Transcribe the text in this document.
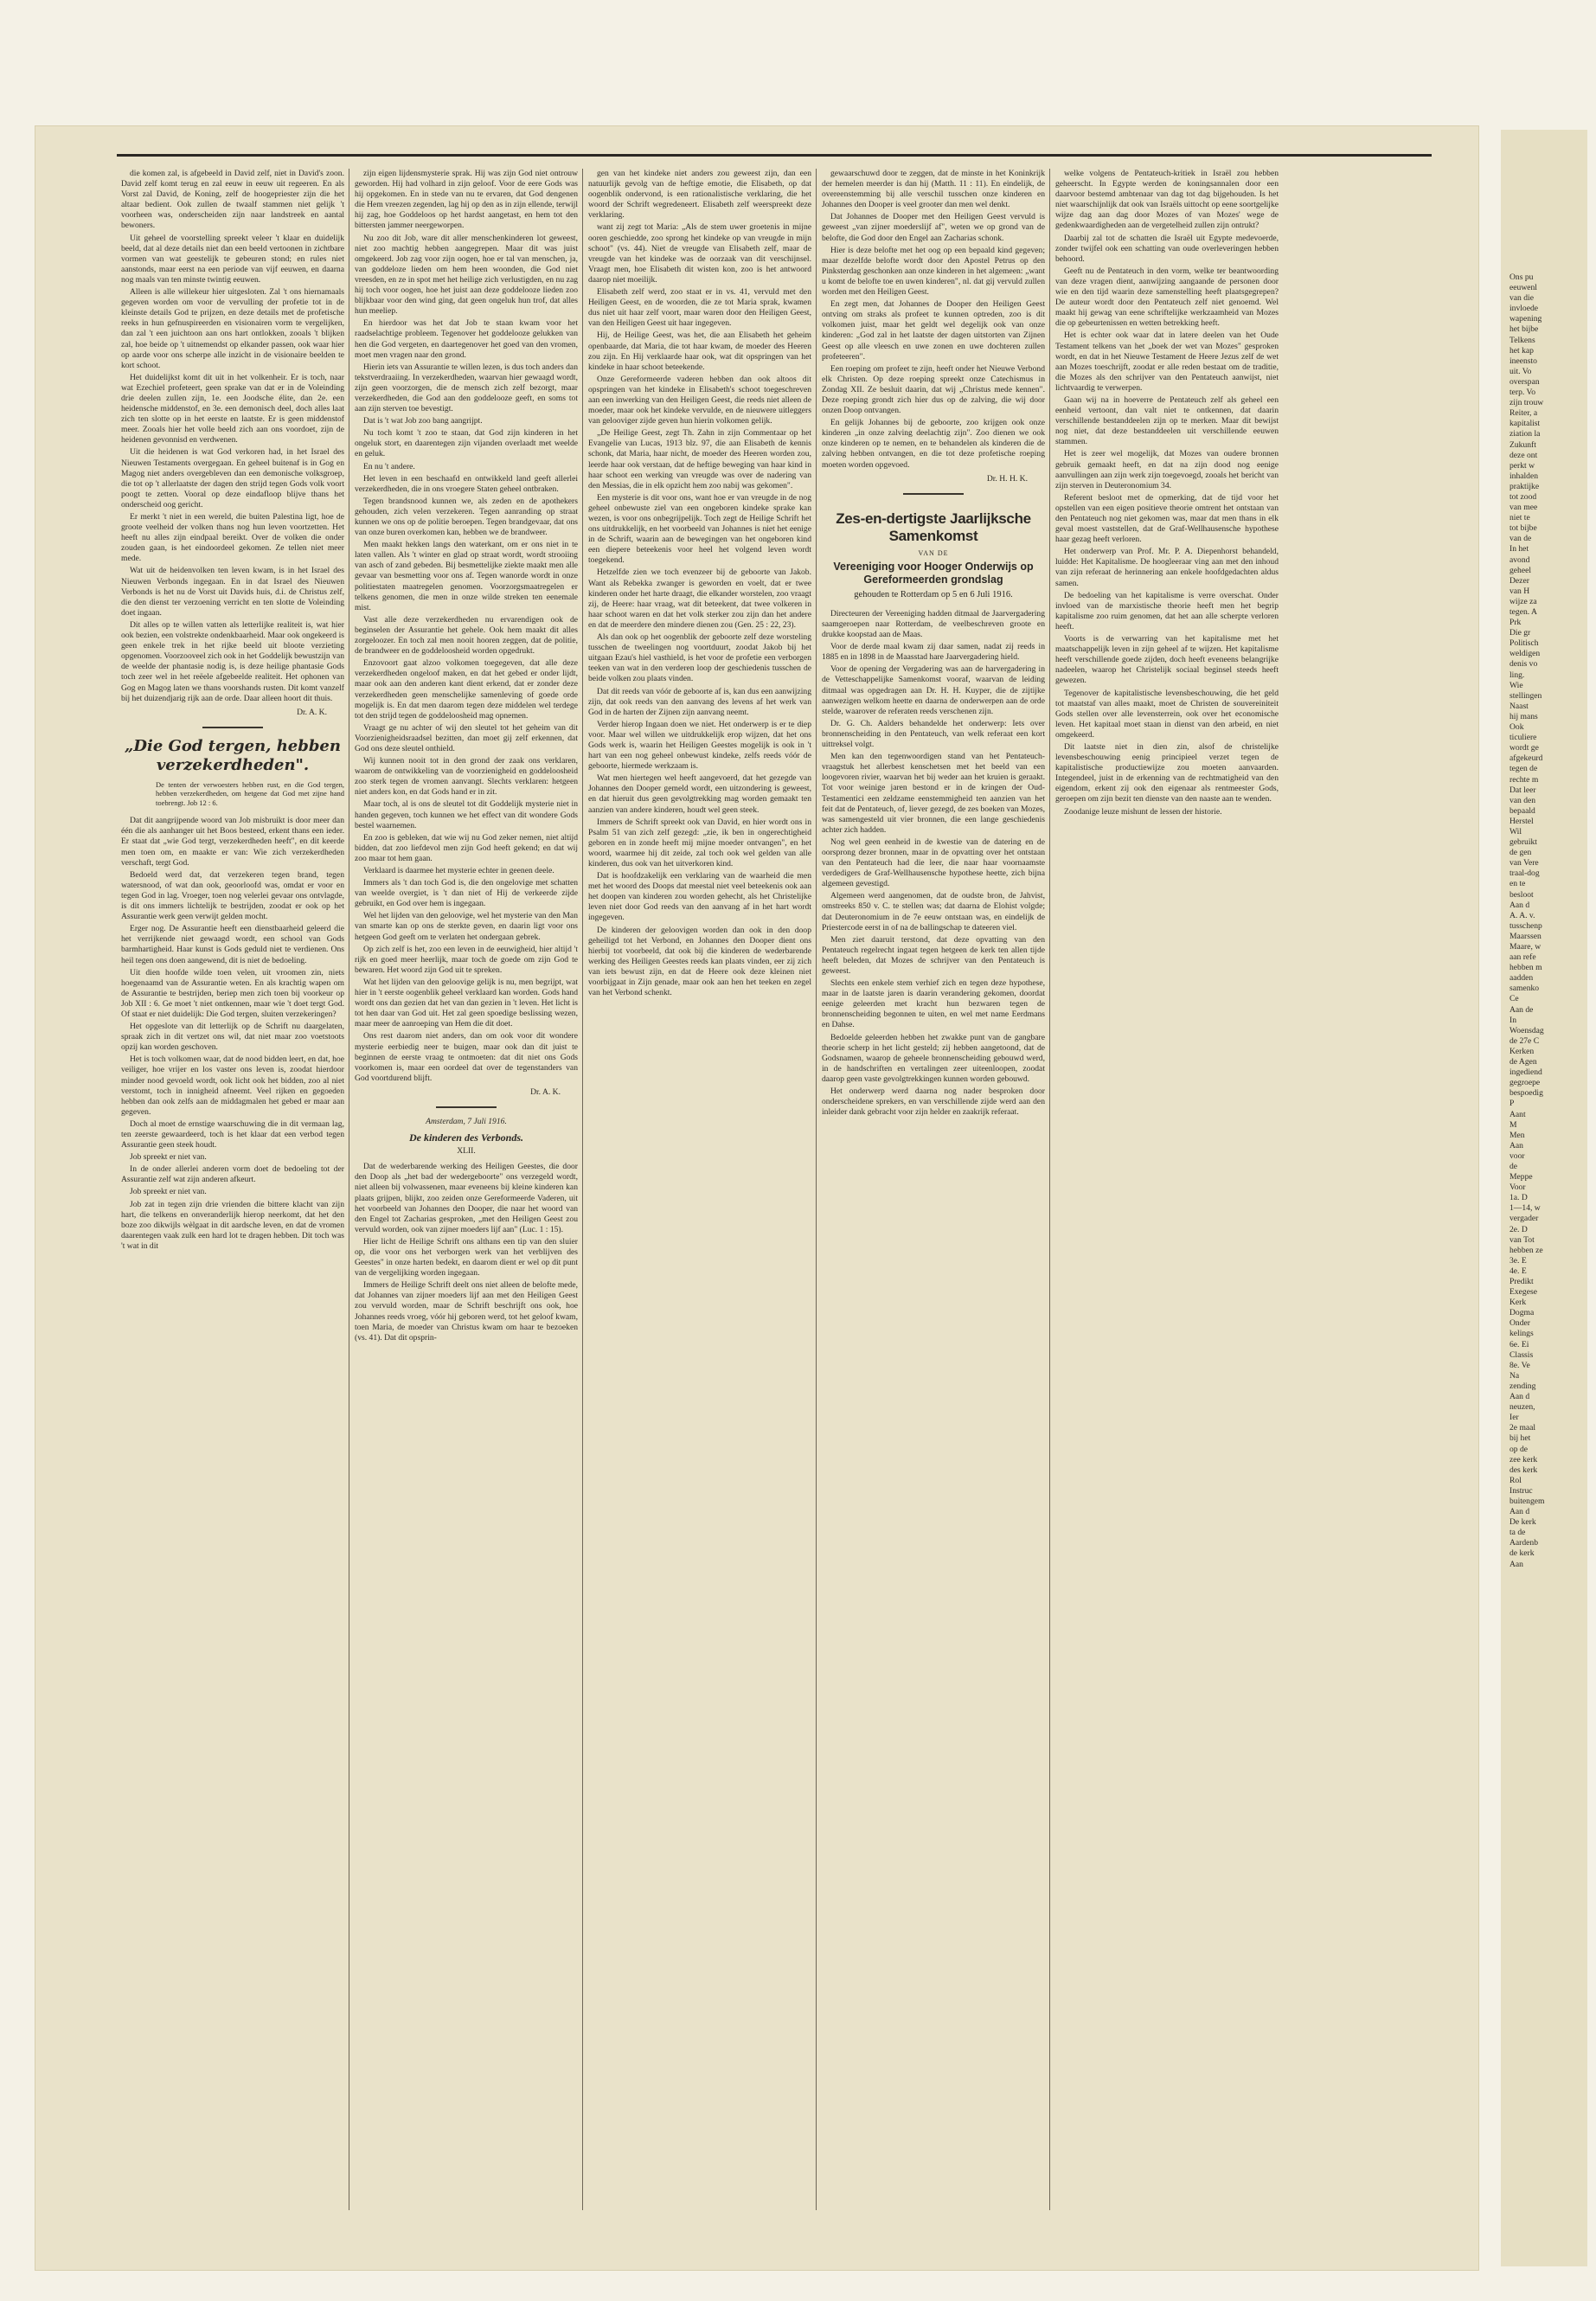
die komen zal, is afgebeeld in David zelf, niet in David's zoon. David zelf komt terug en zal eeuw in eeuw uit regeeren. En als Vorst zal David, de Koning, zelf de hoogepriester zijn die het altaar bedient. Ook zullen de twaalf stammen niet gelijk 't voorheen was, onderscheiden zijn naar landstreek en aantal bewoners.

Uit geheel de voorstelling spreekt veleer 't klaar en duidelijk beeld, dat al deze details niet dan een beeld vertoonen in zichtbare vormen van wat geestelijk te gebeuren stond; en rules niet aanstonds, maar eerst na een periode van vijf eeuwen, en daarna nog maals van ten minste twintig eeuwen.

Alleen is alle willekeur hier uitgesloten. Zal 't ons hiernamaals gegeven worden om voor de vervulling der profetie tot in de kleinste details God te prijzen, en deze details met de profetische reeks in hun gefnuspireerden en visionairen vorm te vergelijken, dan zal 't een juichtoon aan ons hart ontlokken, zooals 't blijken zal, hoe beide op 't uitnemendst op elkander passen, ook waar hier op aarde voor ons scherpe alle inzicht in de visionaire beelden te kort schoot.

Het duidelijkst komt dit uit in het volkenheir. Er is toch, naar wat Ezechiel profeteert, geen sprake van dat er in de Voleinding drie deelen zullen zijn, 1e. een Joodsche élite, dan 2e. een heidensche middenstof, en 3e. een demonisch deel, doch alles laat zich ten slotte op in het eerste en laatste. Er is geen middenstof meer. Zooals hier het volle beeld zich aan ons voordoet, zijn de heidenen gevonnisd en verdwenen.

Uit die heidenen is wat God verkoren had, in het Israel des Nieuwen Testaments overgegaan. En geheel buitenaf is in Gog en Magog niet anders overgebleven dan een demonische volksgroep, die tot op 't allerlaatste der dagen den strijd tegen Gods volk voort poogt te zetten. Vooral op deze eindafloop blijve thans het onderscheid oog gericht.

Er merkt 't niet in een wereld, die buiten Palestina ligt, hoe de groote veelheid der volken thans nog hun leven voortzetten. Het heeft nu alles zijn eindpaal bereikt. Over de volken die onder zouden gaan, is het eindoordeel gekomen. Ze tellen niet meer mede.

Wat uit de heidenvolken ten leven kwam, is in het Israel des Nieuwen Verbonds ingegaan. En in dat Israel des Nieuwen Verbonds is het nu de Vorst uit Davids huis, d.i. de Christus zelf, die den dienst ter verzoening verricht en ten slotte de Voleinding doet ingaan.

Dit alles op te willen vatten als letterlijke realiteit is, wat hier ook bezien, een volstrekte ondenkbaarheid. Maar ook ongekeerd is geen enkele trek in het rijke beeld uit bloote verzieting opgenomen. Voorzooveel zich ook in het Goddelijk bewustzijn van de weelde der phantasie nodig is, is deze heilige phantasie Gods toch zeer wel in het reëele afgebeelde realiteit. Het ophonen van Gog en Magog laten we thans voorshands rusten. Dit komt vanzelf bij het duizendjarig rijk aan de orde. Daar alleen hoort dit thuis.

Dr. A. K.
„Die God tergen, hebben verzekerdheden".
De tenten der verwoesters hebben rust, en die God tergen, hebben verzekerdheden, om hetgene dat God met zijne hand toebrengt. Job 12 : 6.

Dat dit aangrijpende woord van Job misbruikt is door meer dan één die als aanhanger uit het Boos besteed, erkent thans een ieder. Er staat dat „wie God tergt, verzekerdheden heeft", en dit keerde men toen om, en maakte er van: Wie zich verzekerdheden verschaft, tergt God.

Bedoeld werd dat, dat verzekeren tegen brand, tegen watersnood, of wat dan ook, geoorloofd was, omdat er voor en tegen God in lag. Vroeger, toen nog velerlei gevaar ons ontvlagde, is dit ons immers lichtelijk te bestrijden, zoodat er ook op het Assurantie werk geen verwijt gelden mocht.

Erger nog. De Assurantie heeft een dienstbaarheid geleerd die het verrijkende niet gewaagd wordt, een school van Gods barmhartigheid. Haar kunst is Gods geduld niet te verdienen. Ons heil tegen ons doen aangewend, dit is niet de bedoeling.

Uit dien hoofde wilde toen velen, uit vroomen zin, niets hoegenaamd van de Assurantie weten. En als krachtig wapen om de Assurantie te bestrijden, beriep men zich toen bij voorkeur op Job XII : 6. Ge moet 't niet ontkennen, maar wie 't doet tergt God. Of staat er niet duidelijk: Die God tergen, sluiten verzekeringen?

Het opgeslote van dit letterlijk op de Schrift nu daargelaten, spraak zich in dit vertzet ons wil, dat niet maar zoo voetstoots opzij kan worden geschoven.

Het is toch volkomen waar, dat de nood bidden leert, en dat, hoe veiliger, hoe vrijer en los vaster ons leven is, zoodat hierdoor minder nood gevoeld wordt, ook licht ook het bidden, zoo al niet verstomt, toch in innigheid afneemt. Veel rijken en gegoeden hebben dan ook zelfs aan de middagmalen het gebed er maar aan gegeven.

Doch al moet de ernstige waarschuwing die in dit vermaan lag, ten zeerste gewaardeerd, toch is het klaar dat een verbod tegen Assurantie geen steek houdt.

Job spreekt er niet van.

In de onder allerlei anderen vorm doet de bedoeling tot der Assurantie zelf wat zijn anderen afkeurt.

Job spreekt er niet van.

Job zat in tegen zijn drie vrienden die bittere klacht van zijn hart, die telkens en onveranderlijk hierop neerkomt, dat het den boze zoo dikwijls wèlgaat in dit aardsche leven, en dat de vromen daarentegen vaak zulk een hard lot te dragen hebben. Dit toch was 't wat in dit

zijn eigen lijdensmysterie sprak. Hij was zijn God niet ontrouw geworden. Hij had volhard in zijn geloof. Voor de eere Gods was hij opgekomen. En in stede van nu te ervaren, dat God dengenen die Hem vreezen zegenden, lag hij op den as in zijn ellende, terwijl hij zag, hoe Goddeloos op het hardst aangetast, en hem tot den bittersten jammer neergeworpen.

Nu zoo dit Job, ware dit aller menschenkinderen lot geweest, niet zoo machtig hebben aangegrepen. Maar dit was juist omgekeerd. Job zag voor zijn oogen, hoe er tal van menschen, ja, van goddeloze lieden om hem heen woonden, die God niet vreesden, en ze in spot met het heilige zich verlustigden, en nu zag hij toch voor oogen, hoe het juist aan deze goddelooze lieden zoo blijkbaar voor den wind ging, dat geen ongeluk hun trof, dat alles hun meeliep.

En hierdoor was het dat Job te staan kwam voor het raadselachtige probleem. Tegenover het goddelooze gelukken van hen die God vergeten, en daartegenover het goed van den vromen, moet men vragen naar den grond.

Hierin iets van Assurantie te willen lezen, is dus toch anders dan tekstverdraaiing. In verzekerdheden, waarvan hier gewaagd wordt, zijn geen voorzorgen, die de mensch zich zelf bezorgt, maar verzekerdheden, die God aan den goddelooze geeft, en soms tot aan zijn sterven toe bevestigt.

Dat is 't wat Job zoo bang aangrijpt.

Nu toch komt 't zoo te staan, dat God zijn kinderen in het ongeluk stort, en daarentegen zijn vijanden overlaadt met weelde en geluk.

En nu 't andere.

Het leven in een beschaafd en ontwikkeld land geeft allerlei verzekerdheden, die in ons vroegere Staten geheel ontbraken.

Tegen brandsnood kunnen we, als zeden en de apothekers gehouden, zich velen verzekeren. Tegen aanranding op straat kunnen we ons op de politie beroepen. Tegen brandgevaar, dat ons van onze buren overkomen kan, hebben we de brandweer.

Men maakt hekken langs den waterkant, om er ons niet in te laten vallen. Als 't winter en glad op straat wordt, wordt strooiing van asch of zand gebeden. Bij besmettelijke ziekte maakt men alle gevaar van besmetting voor ons af. Tegen wanorde wordt in onze politiestaten maatregelen genomen. Voorzorgsmaatregelen er telkens genomen, die men in onze wilde streken ten eenemale mist.

Vast alle deze verzekerdheden nu ervarendigen ook de beginselen der Assurantie het gehele. Ook hem maakt dit alles zorgeloozer. En toch zal men nooit hooren zeggen, dat de politie, de brandweer en de goddeloosheid worden opgedrukt.

Enzovoort gaat alzoo volkomen toegegeven, dat alle deze verzekerdheden ongeloof maken, en dat het gebed er onder lijdt, maar ook aan den anderen kant dient erkend, dat er zonder deze verzekerdheden geen menschelijke samenleving of goede orde mogelijk is. En dat men daarom tegen deze middelen wel terdege tot den strijd tegen de goddeloosheid mag opnemen.

Vraagt ge nu achter of wij den sleutel tot het geheim van dit Voorzienigheidsraadsel bezitten, dan moet gij zelf erkennen, dat God ons deze sleutel onthield.

Wij kunnen nooit tot in den grond der zaak ons verklaren, waarom de ontwikkeling van de voorzienigheid en goddeloosheid zoo sterk tegen de vromen aanvangt. Slechts verklaren: hetgeen niet anders kon, en dat Gods hand er in zit.

Maar toch, al is ons de sleutel tot dit Goddelijk mysterie niet in handen gegeven, toch kunnen we het effect van dit wondere Gods bestel waarnemen.

En zoo is gebleken, dat wie wij nu God zeker nemen, niet altijd bidden, dat zoo liefdevol men zijn God heeft gekend; en dat wij zoo maar tot hem gaan.

Verklaard is daarmee het mysterie echter in geenen deele.

Immers als 't dan toch God is, die den ongelovige met schatten van weelde overgiet, is 't dan niet of Hij de verkeerde zijde gebruikt, en God over hem is ingegaan.

Wel het lijden van den geloovige, wel het mysterie van den Man van smarte kan op ons de sterkte geven, en daarin ligt voor ons hetgeen God geeft om te verlaten het ondergaan gebrek.

Op zich zelf is het, zoo een leven in de eeuwigheid, hier altijd 't rijk en goed meer heerlijk, maar toch de goede om zijn God te bewaren. Het woord zijn God uit te spreken.

Wat het lijden van den geloovige gelijk is nu, men begrijpt, wat hier in 't eerste oogenblik geheel verklaard kan worden. Gods hand wordt ons dan gezien dat het van dan gezien in 't leven. Het licht is tot hen daar van God uit. Het zal geen spoedige beslissing wezen, maar meer de aanroeping van Hem die dit doet.

Ons rest daarom niet anders, dan om ook voor dit wondere mysterie eerbiedig neer te buigen, maar ook dan dit juist te beginnen de eerste vraag te ontmoeten: dat dit niet ons Gods voorkomen is, maar een oordeel dat over de tegenstanders van God voortdurend blijft.

Dr. A. K.
Amsterdam, 7 Juli 1916.
De kinderen des Verbonds.
XLII.

Dat de wederbarende werking des Heiligen Geestes, die door den Doop als „het bad der wedergeboorte" ons verzegeld wordt, niet alleen bij volwassenen, maar eveneens bij kleine kinderen kan plaats grijpen, blijkt, zoo zeiden onze Gereformeerde Vaderen, uit het voorbeeld van Johannes den Dooper, die naar het woord van den Engel tot Zacharias gesproken, „met den Heiligen Geest zou vervuld worden, ook van zijner moeders lijf aan" (Luc. 1 : 15).

Hier licht de Heilige Schrift ons althans een tip van den sluier op, die voor ons het verborgen werk van het verblijven des Geestes" in onze harten bedekt, en daarom dient er wel op dit punt van de vergelijking worden ingegaan.

Immers de Heilige Schrift deelt ons niet alleen de belofte mede, dat Johannes van zijner moeders lijf aan met den Heiligen Geest zou vervuld worden, maar de Schrift beschrijft ons ook, hoe Johannes reeds vroeg, vóór hij geboren werd, tot het geloof kwam, toen Maria, de moeder van Christus kwam om haar te bezoeken (vs. 41). Dat dit opsprin-

gen van het kindeke niet anders zou geweest zijn, dan een natuurlijk gevolg van de heftige emotie, die Elisabeth, op dat oogenblik ondervond, is een rationalistische verklaring, die het woord der Schrift wegredeneert. Elisabeth zelf weerspreekt deze verklaring.

want zij zegt tot Maria: „Als de stem uwer groetenis in mijne ooren geschiedde, zoo sprong het kindeke op van vreugde in mijn schoot" (vs. 44). Niet de vreugde van Elisabeth zelf, maar de vreugde van het kindeke was de oorzaak van dit verschijnsel. Vraagt men, hoe Elisabeth dit wisten kon, zoo is het antwoord daarop niet moeilijk.

Elisabeth zelf werd, zoo staat er in vs. 41, vervuld met den Heiligen Geest, en de woorden, die ze tot Maria sprak, kwamen dus niet uit haar zelf voort, maar waren door den Heiligen Geest, van den Heiligen Geest uit haar ingegeven.

Hij, de Heilige Geest, was het, die aan Elisabeth het geheim openbaarde, dat Maria, die tot haar kwam, de moeder des Heeren zou zijn. En Hij verklaarde haar ook, wat dit opspringen van het kindeke in haar schoot beteekende.

Onze Gereformeerde vaderen hebben dan ook altoos dit opspringen van het kindeke in Elisabeth's schoot toegeschreven aan een inwerking van den Heiligen Geest, die reeds niet alleen de moeder, maar ook het kindeke vervulde, en de nieuwere uitleggers van gelooviger zijde geven hun hierin volkomen gelijk.

„De Heilige Geest, zegt Th. Zahn in zijn Commentaar op het Evangelie van Lucas, 1913 blz. 97, die aan Elisabeth de kennis schonk, dat Maria, haar nicht, de moeder des Heeren worden zou, leerde haar ook verstaan, dat de heftige beweging van haar kind in haar schoot een werking van vreugde was over de nadering van den Messias, die in elk opzicht hem zoo nabij was gekomen".

Een mysterie is dit voor ons, want hoe er van vreugde in de nog geheel onbewuste ziel van een ongeboren kindeke sprake kan wezen, is voor ons onbegrijpelijk. Toch zegt de Heilige Schrift het ons uitdrukkelijk, en het voorbeeld van Johannes is niet het eenige in de Schrift, waarin aan de bewegingen van het ongeboren kind een diepere beteekenis voor heel het volgend leven wordt toegekend.

Hetzelfde zien we toch evenzeer bij de geboorte van Jakob. Want als Rebekka zwanger is geworden en voelt, dat er twee kinderen onder het harte draagt, die elkander worstelen, zoo vraagt zij, de Heere: haar vraag, wat dit beteekent, dat twee volkeren in haar schoot waren en dat het volk sterker zou zijn dan het andere en dat de meerdere den mindere dienen zou (Gen. 25 : 22, 23).

Als dan ook op het oogenblik der geboorte zelf deze worsteling tusschen de tweelingen nog voortduurt, zoodat Jakob bij het uitgaan Ezau's hiel vasthield, is het voor de profetie een verborgen teeken van wat in den verderen loop der geschiedenis tusschen de beide volken zou plaats vinden.

Dat dit reeds van vóór de geboorte af is, kan dus een aanwijzing zijn, dat ook reeds van den aanvang des levens af het werk van God in de harten der Zijnen zijn aanvang neemt.

Verder hierop Ingaan doen we niet. Het onderwerp is er te diep voor. Maar wel willen we uitdrukkelijk erop wijzen, dat het ons Gods werk is, waarin het Heiligen Geestes mogelijk is ook in 't hart van een nog geheel onbewust kindeke, zelfs reeds vóór de geboorte, hiermede werkzaam is.

Wat men hiertegen wel heeft aangevoerd, dat het gezegde van Johannes den Dooper gemeld wordt, een uitzondering is geweest, en dat hieruit dus geen gevolgtrekking mag worden gemaakt ten aanzien van andere kinderen, houdt wel geen steek.

Immers de Schrift spreekt ook van David, en hier wordt ons in Psalm 51 van zich zelf gezegd: „zie, ik ben in ongerechtigheid geboren en in zonde heeft mij mijne moeder ontvangen", en het woord, waarmee hij dit zeide, zal toch ook wel gelden van alle kinderen, dus ook van het uitverkoren kind.

Dat is hoofdzakelijk een verklaring van de waarheid die men met het woord des Doops dat meestal niet veel beteekenis ook aan het doopen van kinderen zou worden gehecht, als het Christelijke leven niet door God reeds van den aanvang af in het hart wordt ingegeven.

De kinderen der geloovigen worden dan ook in den doop geheiligd tot het Verbond, en Johannes den Dooper dient ons hierbij tot voorbeeld, dat ook bij die kinderen de wederbarende werking des Heiligen Geestes reeds kan plaats vinden, eer zij zich van iets bewust zijn, en dat de Heere ook deze kleinen niet voorbijgaat in Zijn genade, maar ook aan hen het teeken en zegel van het Verbond schenkt.

gewaarschuwd door te zeggen, dat de minste in het Koninkrijk der hemelen meerder is dan hij (Matth. 11 : 11). En eindelijk, de overeenstemming bij alle verschil tusschen onze kinderen en Johannes den Dooper is veel grooter dan men wel denkt.

Dat Johannes de Dooper met den Heiligen Geest vervuld is geweest „van zijner moederslijf af", weten we op grond van de belofte, die God door den Engel aan Zacharias schonk.

Hier is deze belofte met het oog op een bepaald kind gegeven; maar dezelfde belofte wordt door den Apostel Petrus op den Pinksterdag geschonken aan onze kinderen in het algemeen: „want u komt de belofte toe en uwen kinderen", nl. dat gij vervuld zullen worden met den Heiligen Geest.

En zegt men, dat Johannes de Dooper den Heiligen Geest ontving om straks als profeet te kunnen optreden, zoo is dit volkomen juist, maar het geldt wel degelijk ook van onze kinderen: „God zal in het laatste der dagen uitstorten van Zijnen Geest op alle vleesch en uwe zonen en uwe dochteren zullen profeteeren".

Een roeping om profeet te zijn, heeft onder het Nieuwe Verbond elk Christen. Op deze roeping spreekt onze Catechismus in Zondag XII. Ze besluit daarin, dat wij „Christus mede kennen". Deze roeping grondt zich hier dus op de zalving, die wij door onzen Doop ontvangen.

En gelijk Johannes bij de geboorte, zoo krijgen ook onze kinderen „in onze zalving deelachtig zijn". Zoo dienen we ook onze kinderen op te nemen, en te behandelen als kinderen die de zalving hebben ontvangen, en die tot deze profetische roeping moeten worden opgevoed.

Dr. H. H. K.
Zes-en-dertigste Jaarlijksche Samenkomst
VAN DE
Vereeniging voor Hooger Onderwijs op Gereformeerden grondslag
gehouden te Rotterdam op 5 en 6 Juli 1916.

Directeuren der Vereeniging hadden ditmaal de Jaarvergadering saamgeroepen naar Rotterdam, de veelbeschreven groote en drukke koopstad aan de Maas.

Voor de derde maal kwam zij daar samen, nadat zij reeds in 1885 en in 1898 in de Maasstad hare Jaarvergadering hield.

Voor de opening der Vergadering was aan de harvergadering in de Vetteschappelijke Samenkomst vooraf, waarvan de leiding ditmaal was opgedragen aan Dr. H. H. Kuyper, die de zijtijke aanwezigen welkom heette en daarna de onderwerpen aan de orde stelde, waarover de referaten reeds verschenen zijn.

Dr. G. Ch. Aalders behandelde het onderwerp: Iets over bronnenscheiding in den Pentateuch, van welk referaat een kort uittreksel volgt.

Men kan den tegenwoordigen stand van het Pentateuch-vraagstuk het allerbest kenschetsen met het beeld van een loogevoren rivier, waarvan het bij weder aan het kruien is geraakt. Tot voor weinige jaren bestond er in de kringen der Oud-Testamentici een zeldzame eenstemmigheid ten aanzien van het feit dat de Pentateuch, of, liever gezegd, de zes boeken van Mozes, was samengesteld uit vier bronnen, die een lange geschiedenis achter zich hadden.

Nog wel geen eenheid in de kwestie van de datering en de oorsprong dezer bronnen, maar in de opvatting over het ontstaan van den Pentateuch had die leer, die naar haar voornaamste verdedigers de Graf-Wellhausensche hypothese heette, zich bijna algemeen gevestigd.

Algemeen werd aangenomen, dat de oudste bron, de Jahvist, omstreeks 850 v. C. te stellen was; dat daarna de Elohist volgde; dat Deuteronomium in de 7e eeuw ontstaan was, en eindelijk de Priestercode eerst in of na de ballingschap te dateeren viel.

Men ziet daaruit terstond, dat deze opvatting van den Pentateuch regelrecht ingaat tegen hetgeen de kerk ten allen tijde heeft beleden, dat Mozes de schrijver van den Pentateuch is geweest.

Slechts een enkele stem verhief zich en tegen deze hypothese, maar in de laatste jaren is daarin verandering gekomen, doordat eenige geleerden met kracht hun bezwaren tegen de bronnenscheiding begonnen te uiten, en wel met name Eerdmans en Dahse.

Bedoelde geleerden hebben het zwakke punt van de gangbare theorie scherp in het licht gesteld; zij hebben aangetoond, dat de Godsnamen, waarop de geheele bronnenscheiding gebouwd werd, in de handschriften en vertalingen zeer uiteenloopen, zoodat daarop geen vaste gevolgtrekkingen kunnen worden gebouwd.

Het onderwerp werd daarna nog nader besproken door onderscheidene sprekers, en van verschillende zijde werd aan den inleider dank gebracht voor zijn helder en zaakrijk referaat.

welke volgens de Pentateuch-kritiek in Israël zou hebben geheerscht. In Egypte werden de koningsannalen door een daarvoor bestemd ambtenaar van dag tot dag bijgehouden. Is het niet waarschijnlijk dat ook van Israëls uittocht op eene soortgelijke wijze dag aan dag door Mozes of van Mozes' wege de gedenkwaardigheden aan de vergetelheid zullen zijn ontrukt?

Daarbij zal tot de schatten die Israël uit Egypte medevoerde, zonder twijfel ook een schatting van oude overleveringen hebben behoord.

Geeft nu de Pentateuch in den vorm, welke ter beantwoording van deze vragen dient, aanwijzing aangaande de personen door wie en den tijd waarin deze samenstelling heeft plaatsgegrepen? De auteur wordt door den Pentateuch zelf niet genoemd. Wel maakt hij gewag van eene schriftelijke werkzaamheid van Mozes die op gebeurtenissen en wetten betrekking heeft.

Het is echter ook waar dat in latere deelen van het Oude Testament telkens van het „boek der wet van Mozes" gesproken wordt, en dat in het Nieuwe Testament de Heere Jezus zelf de wet aan Mozes toeschrijft, zoodat er alle reden bestaat om de traditie, die Mozes als den schrijver van den Pentateuch aanwijst, niet lichtvaardig te verwerpen.

Gaan wij na in hoeverre de Pentateuch zelf als geheel een eenheid vertoont, dan valt niet te ontkennen, dat daarin verschillende bestanddeelen zijn op te merken. Maar dit bewijst nog niet, dat deze bestanddeelen uit verschillende eeuwen stammen.

Het is zeer wel mogelijk, dat Mozes van oudere bronnen gebruik gemaakt heeft, en dat na zijn dood nog eenige aanvullingen aan zijn werk zijn toegevoegd, zooals het bericht van zijn sterven in Deuteronomium 34.

Referent besloot met de opmerking, dat de tijd voor het opstellen van een eigen positieve theorie omtrent het ontstaan van den Pentateuch nog niet gekomen was, maar dat men thans in elk geval moest vaststellen, dat de Graf-Wellhausensche hypothese haar gezag heeft verloren.

Het onderwerp van Prof. Mr. P. A. Diepenhorst behandeld, luidde: Het Kapitalisme. De hoogleeraar ving aan met den inhoud van zijn referaat de herinnering aan enkele hoofdgedachten aldus samen.

De bedoeling van het kapitalisme is verre overschat. Onder invloed van de marxistische theorie heeft men het begrip kapitalisme zoo ruim genomen, dat het aan alle scherpte verloren heeft.

Voorts is de verwarring van het kapitalisme met het maatschappelijk leven in zijn geheel af te wijzen. Het kapitalisme heeft verschillende goede zijden, doch heeft eveneens belangrijke nadeelen, waarop het Christelijk sociaal beginsel steeds heeft gewezen.

Tegenover de kapitalistische levensbeschouwing, die het geld tot maatstaf van alles maakt, moet de Christen de souvereiniteit Gods stellen over alle levensterrein, ook over het economische leven. Het kapitaal moet staan in dienst van den arbeid, en niet omgekeerd.

Dit laatste niet in dien zin, alsof de christelijke levensbeschouwing eenig principieel verzet tegen de kapitalistische productiewijze zou moeten aanvaarden. Integendeel, juist in de erkenning van de rechtmatigheid van den eigendom, erkent zij ook den eigenaar als rentmeester Gods, geroepen om zijn bezit ten dienste van den naaste aan te wenden.

Zoodanige leuze mishunt de lessen der historie.

Ons pu
eeuwenl
van die
invloede
wapening
het bijbe
Telkens
het kap
ineensto
uit. Vo
overspan
terp. Vo
zijn trouw
Reiter, a
kapitalist
ziation la
Zukunft
deze ont
perkt w
inhalden
praktijke
tot zood
van mee
niet te
tot bijbe
van de
In het
avond
geheel
Dezer
van H
wijze za
tegen. A
Prk
Die gr
Politisch
weldigen
denis vo
ling.
Wie
stellingen
Naast
hij mans
Ook
ticuliere
wordt ge
afgekeurd
tegen de
rechte m
Dat leer
van den
bepaald
Herstel
Wil
gebruikt
de gen
van Vere
traal-dog
en te
besloot
Aan d
A. A. v.
tusschenp
Maarssen
Maare, w
aan refe
hebben m
aadden
samenko
Ce
Aan de
In
Woensdag
de 27e C
Kerken
de Agen
ingediend
gegroepe
bespoedig
P
Aant
M
Men
Aan
voor
de
Meppe
Voor
1a. D
1—14, w
vergader
2e. D
van Tot
hebben ze
3e. E
4e. E
Predikt
Exegese
Kerk
Dogma
Onder
kelings
6e. Ei
Classis
8e. Ve
Na
zending
Aan d
neuzen,
Ier
2e maal
bij het
op de
zee kerk
des kerk
Rol
Instruc
buitengem
Aan d
De kerk
ta de
Aardenb
de kerk
Aan
